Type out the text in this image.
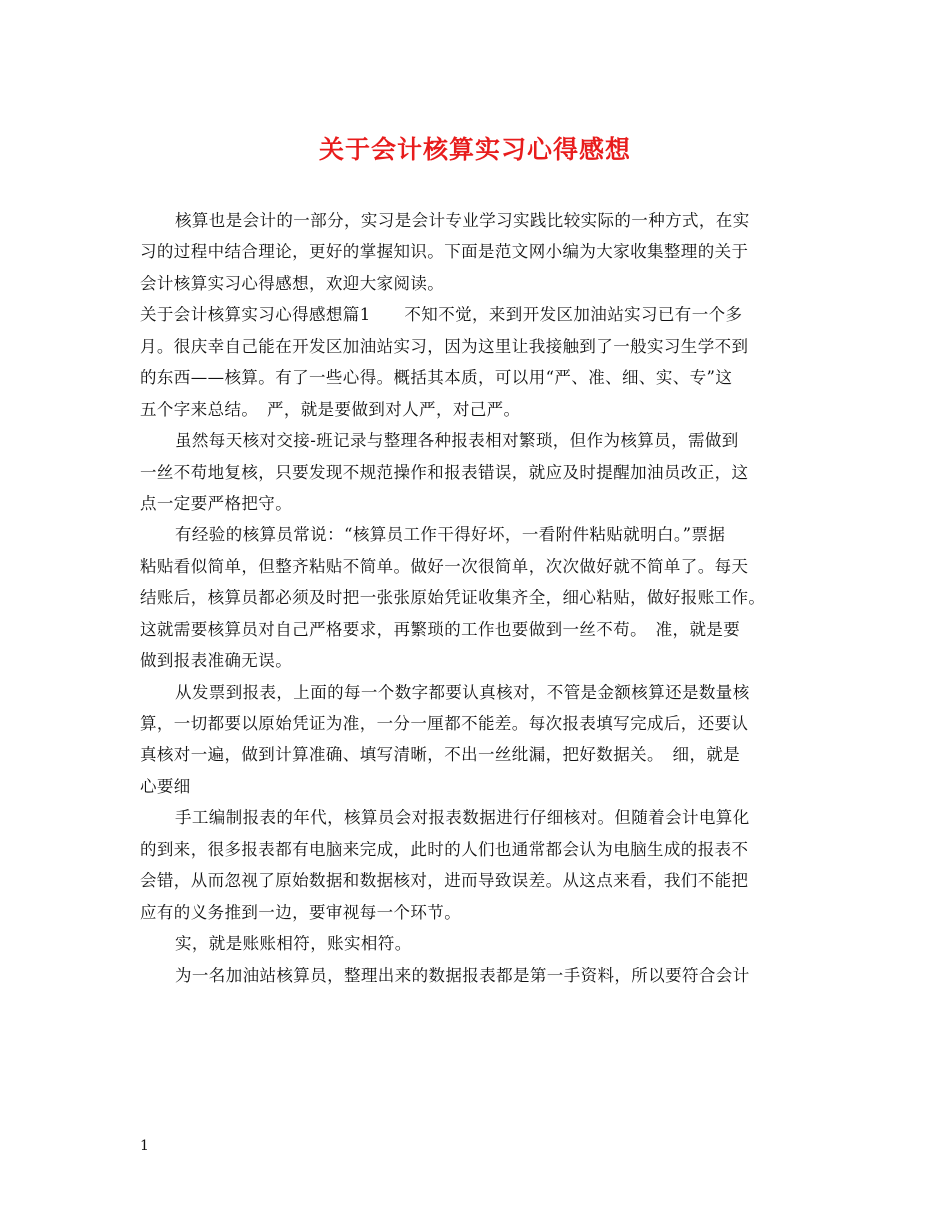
关于会计核算实习心得感想
核算也是会计的一部分，实习是会计专业学习实践比较实际的一种方式，在实
习的过程中结合理论，更好的掌握知识。下面是范文网小编为大家收集整理的关于
会计核算实习心得感想，欢迎大家阅读。
关于会计核算实习心得感想篇1　　不知不觉，来到开发区加油站实习已有一个多
月。很庆幸自己能在开发区加油站实习，因为这里让我接触到了一般实习生学不到
的东西——核算。有了一些心得。概括其本质，可以用“严、准、细、实、专”这
五个字来总结。　严，就是要做到对人严，对己严。
虽然每天核对交接-班记录与整理各种报表相对繁琐，但作为核算员，需做到
一丝不苟地复核，只要发现不规范操作和报表错误，就应及时提醒加油员改正，这
点一定要严格把守。
有经验的核算员常说：“核算员工作干得好坏，一看附件粘贴就明白。”票据
粘贴看似简单，但整齐粘贴不简单。做好一次很简单，次次做好就不简单了。每天
结账后，核算员都必须及时把一张张原始凭证收集齐全，细心粘贴，做好报账工作。
这就需要核算员对自己严格要求，再繁琐的工作也要做到一丝不苟。　准，就是要
做到报表准确无误。
从发票到报表，上面的每一个数字都要认真核对，不管是金额核算还是数量核
算，一切都要以原始凭证为准，一分一厘都不能差。每次报表填写完成后，还要认
真核对一遍，做到计算准确、填写清晰，不出一丝纰漏，把好数据关。　细，就是
心要细
手工编制报表的年代，核算员会对报表数据进行仔细核对。但随着会计电算化
的到来，很多报表都有电脑来完成，此时的人们也通常都会认为电脑生成的报表不
会错，从而忽视了原始数据和数据核对，进而导致误差。从这点来看，我们不能把
应有的义务推到一边，要审视每一个环节。
实，就是账账相符，账实相符。
为一名加油站核算员，整理出来的数据报表都是第一手资料，所以要符合会计
1
